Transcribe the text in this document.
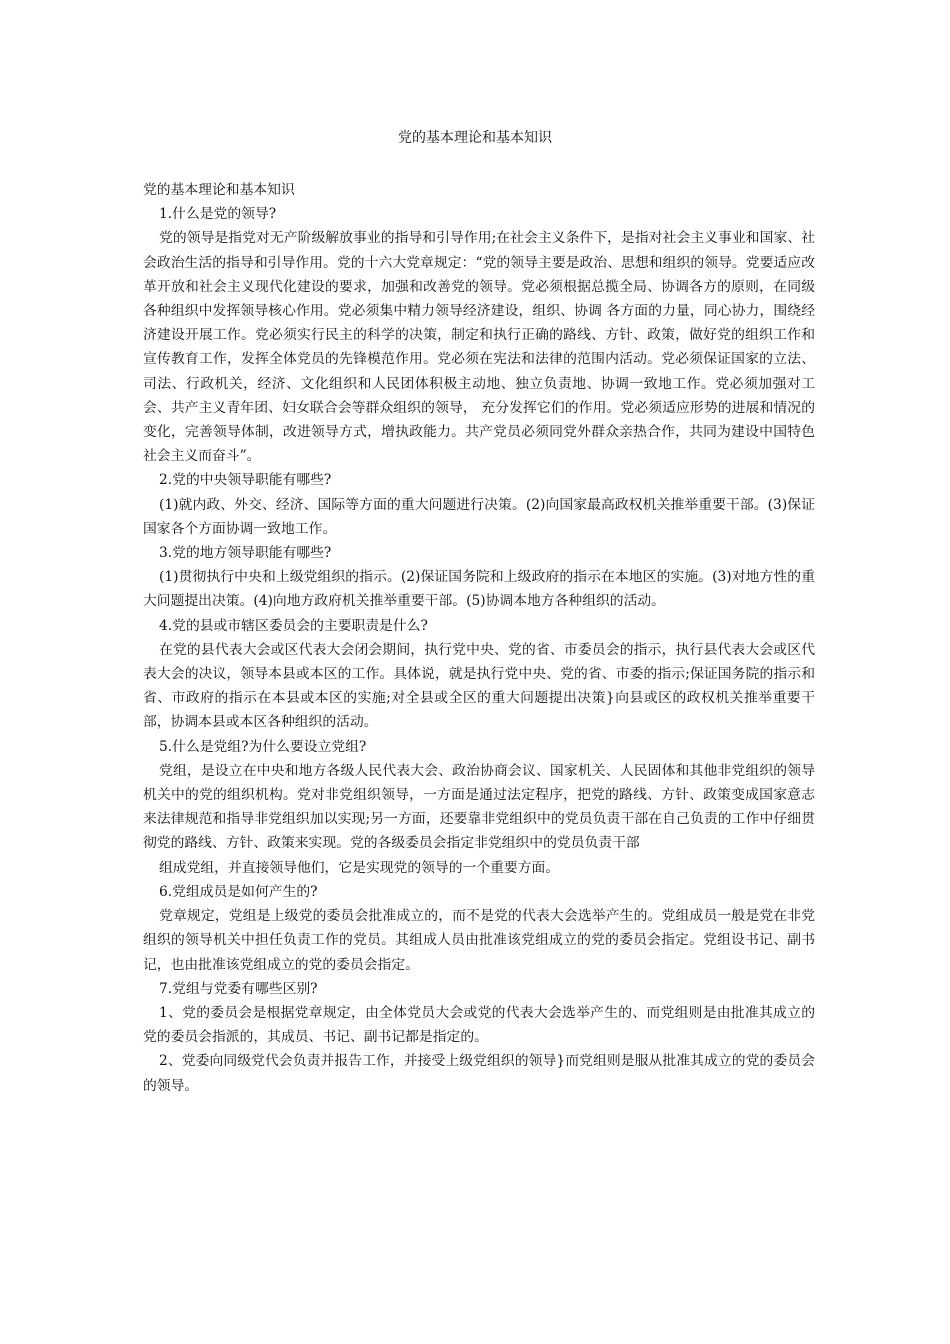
党的基本理论和基本知识

党的基本理论和基本知识

1.什么是党的领导?

党的领导是指党对无产阶级解放事业的指导和引导作用;在社会主义条件下，是指对社会主义事业和国家、社会政治生活的指导和引导作用。党的十六大党章规定：“党的领导主要是政治、思想和组织的领导。党要适应改革开放和社会主义现代化建设的要求，加强和改善党的领导。党必须根据总揽全局、协调各方的原则，在同级各种组织中发挥领导核心作用。党必须集中精力领导经济建设，组织、协调 各方面的力量，同心协力，围绕经济建设开展工作。党必须实行民主的科学的决策，制定和执行正确的路线、方针、政策，做好党的组织工作和宣传教育工作，发挥全体党员的先锋模范作用。党必须在宪法和法律的范围内活动。党必须保证国家的立法、司法、行政机关，经济、文化组织和人民团体积极主动地、独立负责地、协调一致地工作。党必须加强对工会、共产主义青年团、妇女联合会等群众组织的领导， 充分发挥它们的作用。党必须适应形势的进展和情况的变化，完善领导体制，改进领导方式，增执政能力。共产党员必须同党外群众亲热合作，共同为建设中国特色社会主义而奋斗”。

2.党的中央领导职能有哪些?

(1)就内政、外交、经济、国际等方面的重大问题进行决策。(2)向国家最高政权机关推举重要干部。(3)保证国家各个方面协调一致地工作。

3.党的地方领导职能有哪些?

(1)贯彻执行中央和上级党组织的指示。(2)保证国务院和上级政府的指示在本地区的实施。(3)对地方性的重大问题提出决策。(4)向地方政府机关推举重要干部。(5)协调本地方各种组织的活动。

4.党的县或市辖区委员会的主要职责是什么?

在党的县代表大会或区代表大会闭会期间，执行党中央、党的省、市委员会的指示，执行县代表大会或区代表大会的决议，领导本县或本区的工作。具体说，就是执行党中央、党的省、市委的指示;保证国务院的指示和省、市政府的指示在本县或本区的实施;对全县或全区的重大问题提出决策}向县或区的政权机关推举重要干部，协调本县或本区各种组织的活动。

5.什么是党组?为什么要设立党组?

党组，是设立在中央和地方各级人民代表大会、政治协商会议、国家机关、人民固体和其他非党组织的领导机关中的党的组织机构。党对非党组织领导，一方面是通过法定程序，把党的路线、方针、政策变成国家意志来法律规范和指导非党组织加以实现;另一方面，还要靠非党组织中的党员负责干部在自己负责的工作中仔细贯彻党的路线、方针、政策来实现。党的各级委员会指定非党组织中的党员负责干部

组成党组，并直接领导他们，它是实现党的领导的一个重要方面。

6.党组成员是如何产生的?

党章规定，党组是上级党的委员会批准成立的，而不是党的代表大会选举产生的。党组成员一般是党在非党组织的领导机关中担任负责工作的党员。其组成人员由批准该党组成立的党的委员会指定。党组设书记、副书记，也由批准该党组成立的党的委员会指定。

7.党组与党委有哪些区别?

1、党的委员会是根据党章规定，由全体党员大会或党的代表大会选举产生的、而党组则是由批准其成立的党的委员会指派的，其成员、书记、副书记都是指定的。

2、党委向同级党代会负责并报告工作，并接受上级党组织的领导}而党组则是服从批准其成立的党的委员会的领导。
